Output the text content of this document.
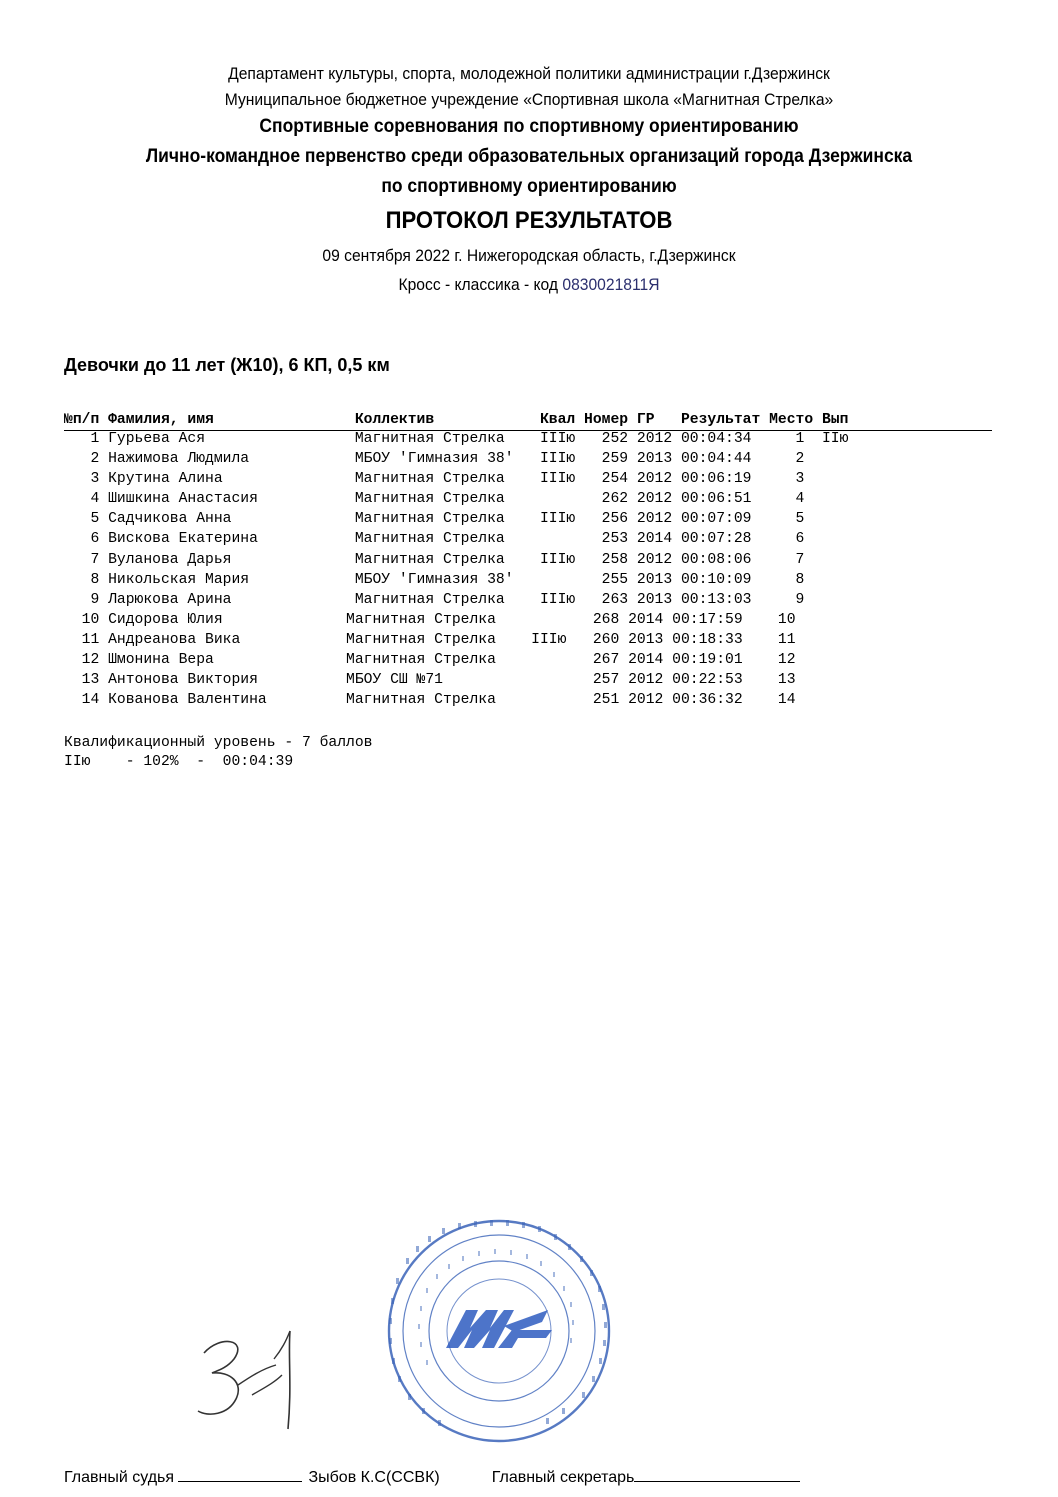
Департамент культуры, спорта, молодежной политики администрации г.Дзержинск
Муниципальное бюджетное учреждение «Спортивная школа «Магнитная Стрелка»
Спортивные соревнования по спортивному ориентированию
Лично-командное первенство среди образовательных организаций города Дзержинска
по спортивному ориентированию
ПРОТОКОЛ РЕЗУЛЬТАТОВ
09 сентября 2022 г. Нижегородская область, г.Дзержинск
Кросс - классика - код 0830021811Я
Девочки до 11 лет (Ж10), 6 КП, 0,5 км
№п/п Фамилия, имя                Коллектив            Квал Номер ГР   Результат Место Вып
1 Гурьева Ася                 Магнитная Стрелка    IIIю   252 2012 00:04:34     1  IIю
2 Нажимова Людмила            МБОУ 'Гимназия 38'   IIIю   259 2013 00:04:44     2
3 Крутина Алина               Магнитная Стрелка    IIIю   254 2012 00:06:19     3
4 Шишкина Анастасия           Магнитная Стрелка           262 2012 00:06:51     4
5 Садчикова Анна              Магнитная Стрелка    IIIю   256 2012 00:07:09     5
6 Вискова Екатерина           Магнитная Стрелка           253 2014 00:07:28     6
7 Вуланова Дарья              Магнитная Стрелка    IIIю   258 2012 00:08:06     7
8 Никольская Мария            МБОУ 'Гимназия 38'          255 2013 00:10:09     8
9 Ларюкова Арина              Магнитная Стрелка    IIIю   263 2013 00:13:03     9
10 Сидорова Юлия              Магнитная Стрелка           268 2014 00:17:59    10
11 Андреанова Вика            Магнитная Стрелка    IIIю   260 2013 00:18:33    11
12 Шмонина Вера               Магнитная Стрелка           267 2014 00:19:01    12
13 Антонова Виктория          МБОУ СШ №71                 257 2012 00:22:53    13
14 Кованова Валентина         Магнитная Стрелка           251 2012 00:36:32    14
Квалификационный уровень - 7 баллов
IIю    - 102%  -  00:04:39
Главный судья	Зыбов К.С(ССВК)	Главный секретарь
